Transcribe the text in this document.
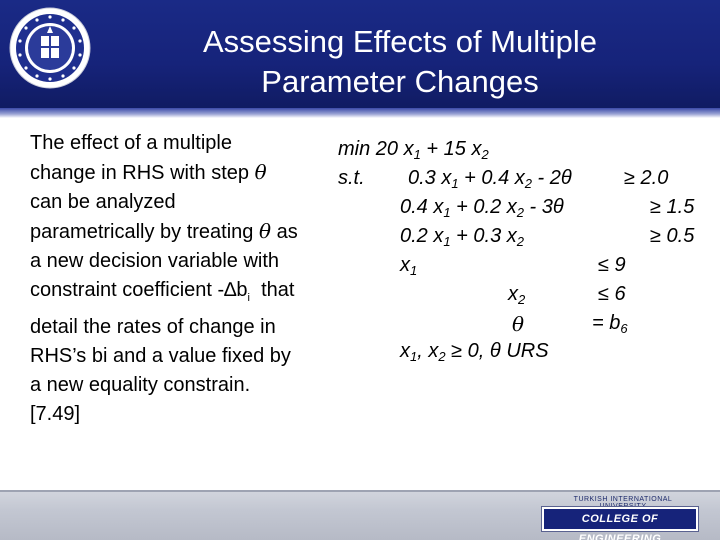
Assessing Effects of Multiple
Parameter Changes
The effect of a multiple
change in RHS with step θ
can be analyzed
parametrically by treating θ as
a new decision variable with
constraint coefficient $-\Delta b_i$ that
detail the rates of change in
RHS’s bi and a value fixed by
a new equality constrain.
[7.49]
min 20 $x_1 + 15$ $x_2$
s.t. 0.3 $x_1 + 0.4$ $x_2 - 2\theta$	≥ 2.0
0.4 $x_1 + 0.2$ $x_2 - 3\theta$	≥ 1.5
0.2 $x_1 + 0.3$ $x_2$	≥ 0.5
$x_1$	≤ 9
$x_2$	≤ 6
θ	= $b_6$
$x_1$, $x_2 \ge 0$, θ URS
TURKISH INTERNATIONAL
COLLEGE OF ENGINEERING
